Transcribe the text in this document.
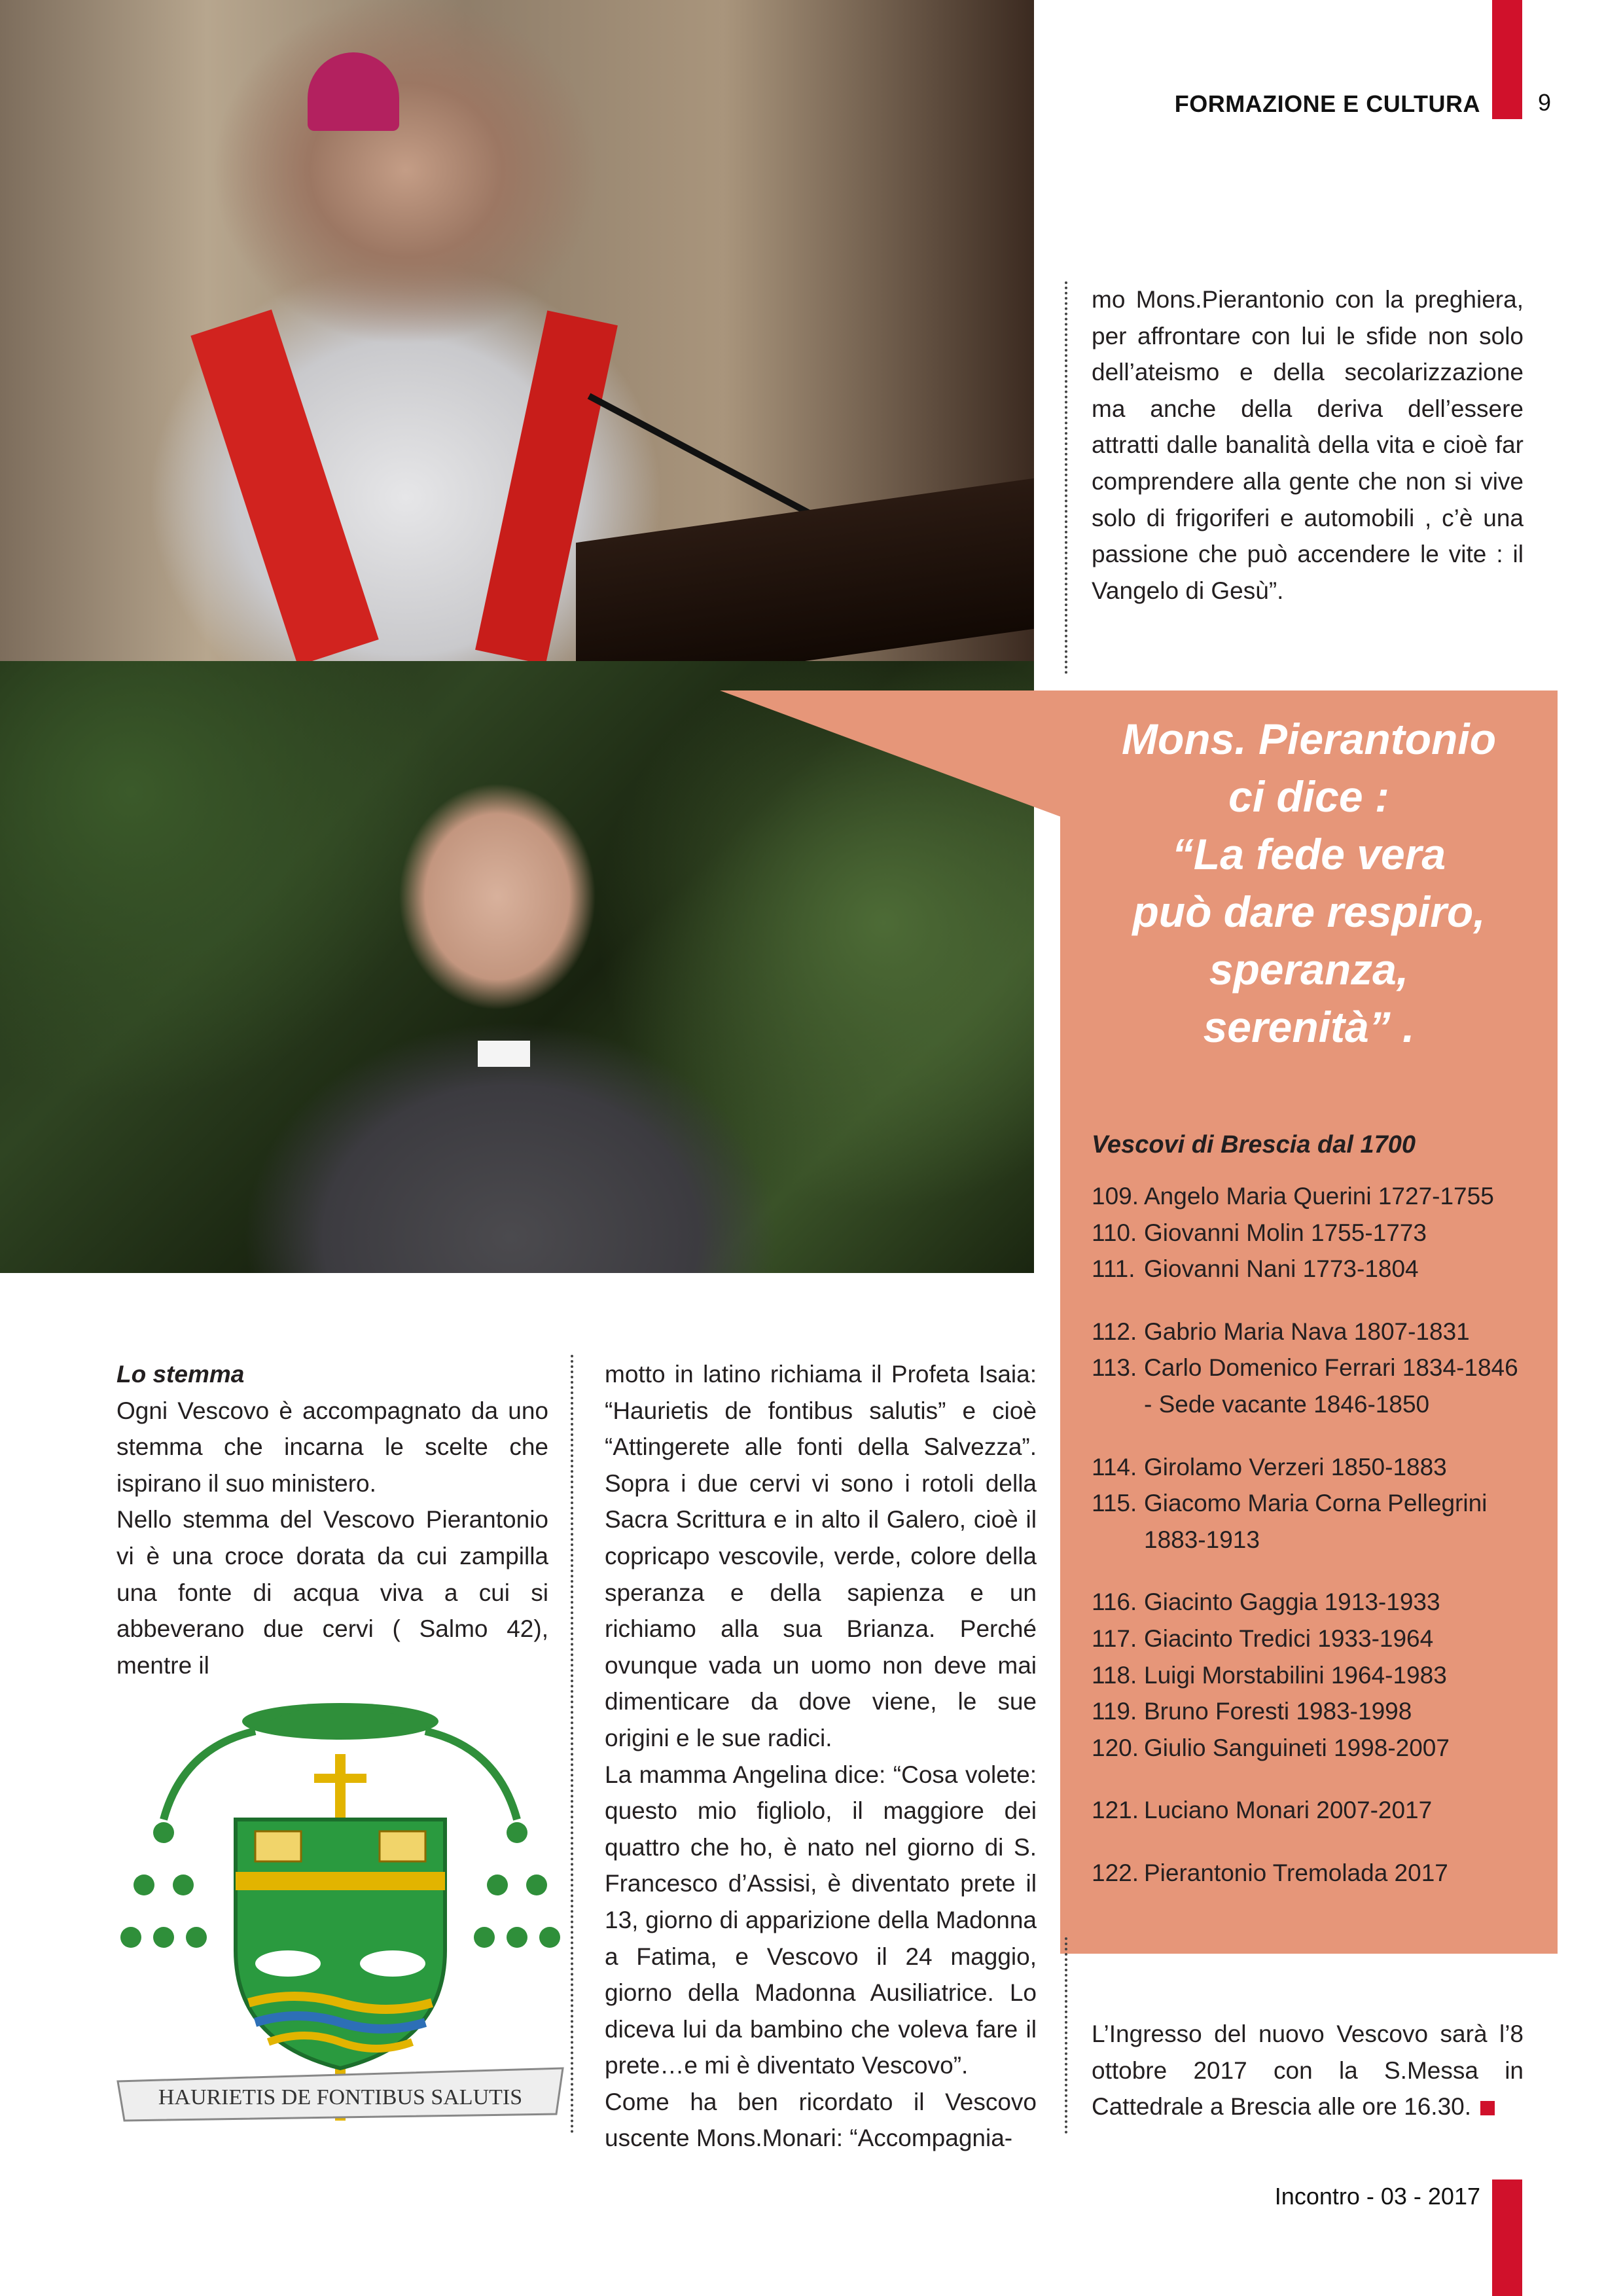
FORMAZIONE E CULTURA 9

mo Mons.Pierantonio con la preghiera, per affrontare con lui le sfide non solo dell’ateismo e della secolarizzazione ma anche della deriva dell’essere attratti dalle banalità della vita e cioè far comprendere alla gente che non si vive solo di frigoriferi e automobili , c’è una passione che può accendere le vite : il Vangelo di Gesù”.

Mons. Pierantonio
ci dice :
“La fede vera
può dare respiro,
speranza,
serenità” .
Vescovi di Brescia dal 1700
109. Angelo Maria Querini 1727-1755
110. Giovanni Molin 1755-1773
111. Giovanni Nani 1773-1804
112. Gabrio Maria Nava 1807-1831
113. Carlo Domenico Ferrari 1834-1846 - Sede vacante 1846-1850
114. Girolamo Verzeri 1850-1883
115. Giacomo Maria Corna Pellegrini 1883-1913
116. Giacinto Gaggia 1913-1933
117. Giacinto Tredici 1933-1964
118. Luigi Morstabilini 1964-1983
119. Bruno Foresti 1983-1998
120. Giulio Sanguineti 1998-2007
121. Luciano Monari 2007-2017
122. Pierantonio Tremolada 2017

Lo stemma

Ogni Vescovo è accompagnato da uno stemma che incarna le scelte che ispirano il suo ministero.

Nello stemma del Vescovo Pierantonio vi è una croce dorata da cui zampilla una fonte di acqua viva a cui si abbeverano due cervi ( Salmo 42), mentre il

HAURIETIS DE FONTIBUS SALUTIS

motto in latino richiama il Profeta Isaia: “Haurietis de fontibus salutis” e cioè “Attingerete alle fonti della Salvezza”. Sopra i due cervi vi sono i rotoli della Sacra Scrittura e in alto il Galero, cioè il copricapo vescovile, verde, colore della speranza e della sapienza e un richiamo alla sua Brianza. Perché ovunque vada un uomo non deve mai dimenticare da dove viene, le sue origini e le sue radici.

La mamma Angelina dice: “Cosa volete: questo mio figliolo, il maggiore dei quattro che ho, è nato nel giorno di S. Francesco d’Assisi, è diventato prete il 13, giorno di apparizione della Madonna a Fatima, e Vescovo il 24 maggio, giorno della Madonna Ausiliatrice. Lo diceva lui da bambino che voleva fare il prete…e mi è diventato Vescovo”.

Come ha ben ricordato il Vescovo uscente Mons.Monari: “Accompagnia-

L’Ingresso del nuovo Vescovo sarà l’8 ottobre 2017 con la S.Messa in Cattedrale a Brescia alle ore 16.30.

Incontro - 03 - 2017
